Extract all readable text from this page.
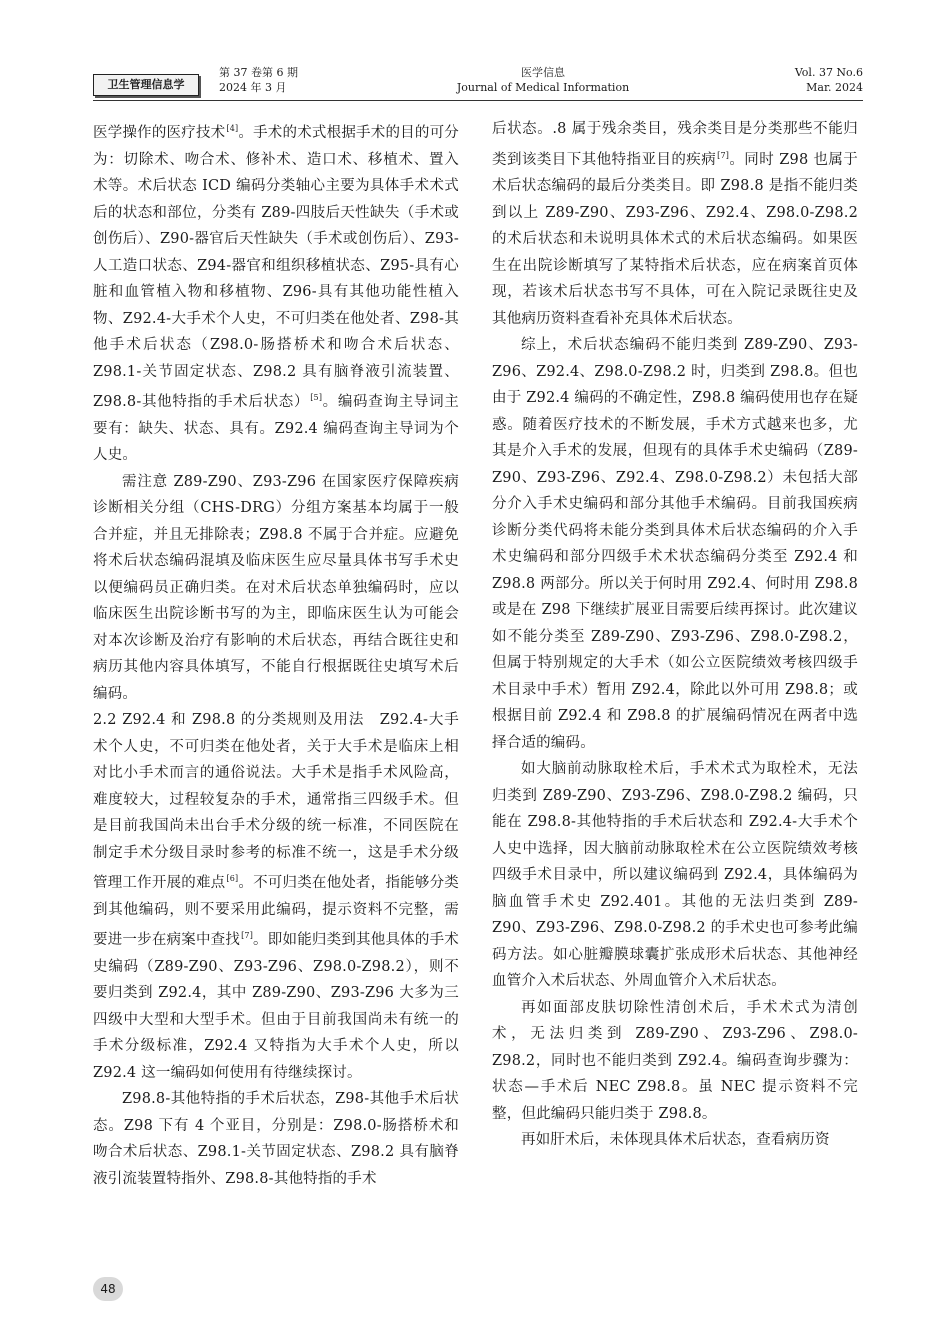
卫生管理信息学
第 37 卷第 6 期
2024 年 3 月
医学信息
Journal of Medical Information
Vol. 37 No.6
Mar. 2024

医学操作的医疗技术[4]。手术的术式根据手术的目的可分为：切除术、吻合术、修补术、造口术、移植术、置入术等。术后状态 ICD 编码分类轴心主要为具体手术术式后的状态和部位，分类有 Z89-四肢后天性缺失（手术或创伤后）、Z90-器官后天性缺失（手术或创伤后）、Z93-人工造口状态、Z94-器官和组织移植状态、Z95-具有心脏和血管植入物和移植物、Z96-具有其他功能性植入物、Z92.4-大手术个人史，不可归类在他处者、Z98-其他手术后状态（Z98.0-肠搭桥术和吻合术后状态、Z98.1-关节固定状态、Z98.2 具有脑脊液引流装置、Z98.8-其他特指的手术后状态）[5]。编码查询主导词主要有：缺失、状态、具有。Z92.4 编码查询主导词为个人史。

需注意 Z89-Z90、Z93-Z96 在国家医疗保障疾病诊断相关分组（CHS-DRG）分组方案基本均属于一般合并症，并且无排除表；Z98.8 不属于合并症。应避免将术后状态编码混填及临床医生应尽量具体书写手术史以便编码员正确归类。在对术后状态单独编码时，应以临床医生出院诊断书写的为主，即临床医生认为可能会对本次诊断及治疗有影响的术后状态，再结合既往史和病历其他内容具体填写，不能自行根据既往史填写术后编码。

2.2 Z92.4 和 Z98.8 的分类规则及用法　Z92.4-大手术个人史，不可归类在他处者，关于大手术是临床上相对比小手术而言的通俗说法。大手术是指手术风险高，难度较大，过程较复杂的手术，通常指三四级手术。但是目前我国尚未出台手术分级的统一标准，不同医院在制定手术分级目录时参考的标准不统一，这是手术分级管理工作开展的难点[6]。不可归类在他处者，指能够分类到其他编码，则不要采用此编码，提示资料不完整，需要进一步在病案中查找[7]。即如能归类到其他具体的手术史编码（Z89-Z90、Z93-Z96、Z98.0-Z98.2），则不要归类到 Z92.4，其中 Z89-Z90、Z93-Z96 大多为三四级中大型和大型手术。但由于目前我国尚未有统一的手术分级标准，Z92.4 又特指为大手术个人史，所以 Z92.4 这一编码如何使用有待继续探讨。

Z98.8-其他特指的手术后状态，Z98-其他手术后状态。Z98 下有 4 个亚目，分别是：Z98.0-肠搭桥术和吻合术后状态、Z98.1-关节固定状态、Z98.2 具有脑脊液引流装置特指外、Z98.8-其他特指的手术

后状态。.8 属于残余类目，残余类目是分类那些不能归类到该类目下其他特指亚目的疾病[7]。同时 Z98 也属于术后状态编码的最后分类类目。即 Z98.8 是指不能归类到以上 Z89-Z90、Z93-Z96、Z92.4、Z98.0-Z98.2 的术后状态和未说明具体术式的术后状态编码。如果医生在出院诊断填写了某特指术后状态，应在病案首页体现，若该术后状态书写不具体，可在入院记录既往史及其他病历资料查看补充具体术后状态。

综上，术后状态编码不能归类到 Z89-Z90、Z93-Z96、Z92.4、Z98.0-Z98.2 时，归类到 Z98.8。但也由于 Z92.4 编码的不确定性，Z98.8 编码使用也存在疑惑。随着医疗技术的不断发展，手术方式越来也多，尤其是介入手术的发展，但现有的具体手术史编码（Z89-Z90、Z93-Z96、Z92.4、Z98.0-Z98.2）未包括大部分介入手术史编码和部分其他手术编码。目前我国疾病诊断分类代码将未能分类到具体术后状态编码的介入手术史编码和部分四级手术术状态编码分类至 Z92.4 和 Z98.8 两部分。所以关于何时用 Z92.4、何时用 Z98.8 或是在 Z98 下继续扩展亚目需要后续再探讨。此次建议如不能分类至 Z89-Z90、Z93-Z96、Z98.0-Z98.2，但属于特别规定的大手术（如公立医院绩效考核四级手术目录中手术）暂用 Z92.4，除此以外可用 Z98.8；或根据目前 Z92.4 和 Z98.8 的扩展编码情况在两者中选择合适的编码。

如大脑前动脉取栓术后，手术术式为取栓术，无法归类到 Z89-Z90、Z93-Z96、Z98.0-Z98.2 编码，只能在 Z98.8-其他特指的手术后状态和 Z92.4-大手术个人史中选择，因大脑前动脉取栓术在公立医院绩效考核四级手术目录中，所以建议编码到 Z92.4，具体编码为脑血管手术史 Z92.401。其他的无法归类到 Z89-Z90、Z93-Z96、Z98.0-Z98.2 的手术史也可参考此编码方法。如心脏瓣膜球囊扩张成形术后状态、其他神经血管介入术后状态、外周血管介入术后状态。

再如面部皮肤切除性清创术后，手术术式为清创术，无法归类到 Z89-Z90、Z93-Z96、Z98.0-Z98.2，同时也不能归类到 Z92.4。编码查询步骤为：状态—手术后 NEC Z98.8。虽 NEC 提示资料不完整，但此编码只能归类于 Z98.8。

再如肝术后，未体现具体术后状态，查看病历资

48
